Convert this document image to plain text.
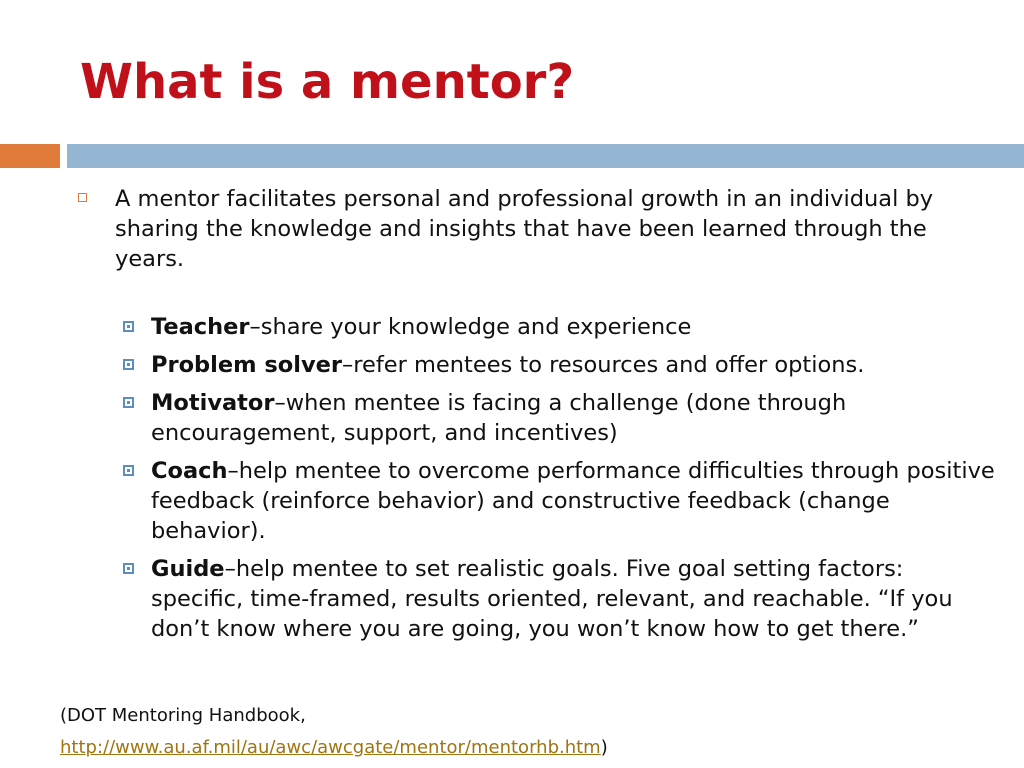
What is a mentor?
A mentor facilitates personal and professional growth in an individual by sharing the knowledge and insights that have been learned through the years.
Teacher–share your knowledge and experience
Problem solver–refer mentees to resources and offer options.
Motivator–when mentee is facing a challenge (done through encouragement, support, and incentives)
Coach–help mentee to overcome performance difficulties through positive feedback (reinforce behavior) and constructive feedback (change behavior).
Guide–help mentee to set realistic goals. Five goal setting factors: specific, time-framed, results oriented, relevant, and reachable. “If you don’t know where you are going, you won’t know how to get there.”
(DOT Mentoring Handbook,
http://www.au.af.mil/au/awc/awcgate/mentor/mentorhb.htm)
